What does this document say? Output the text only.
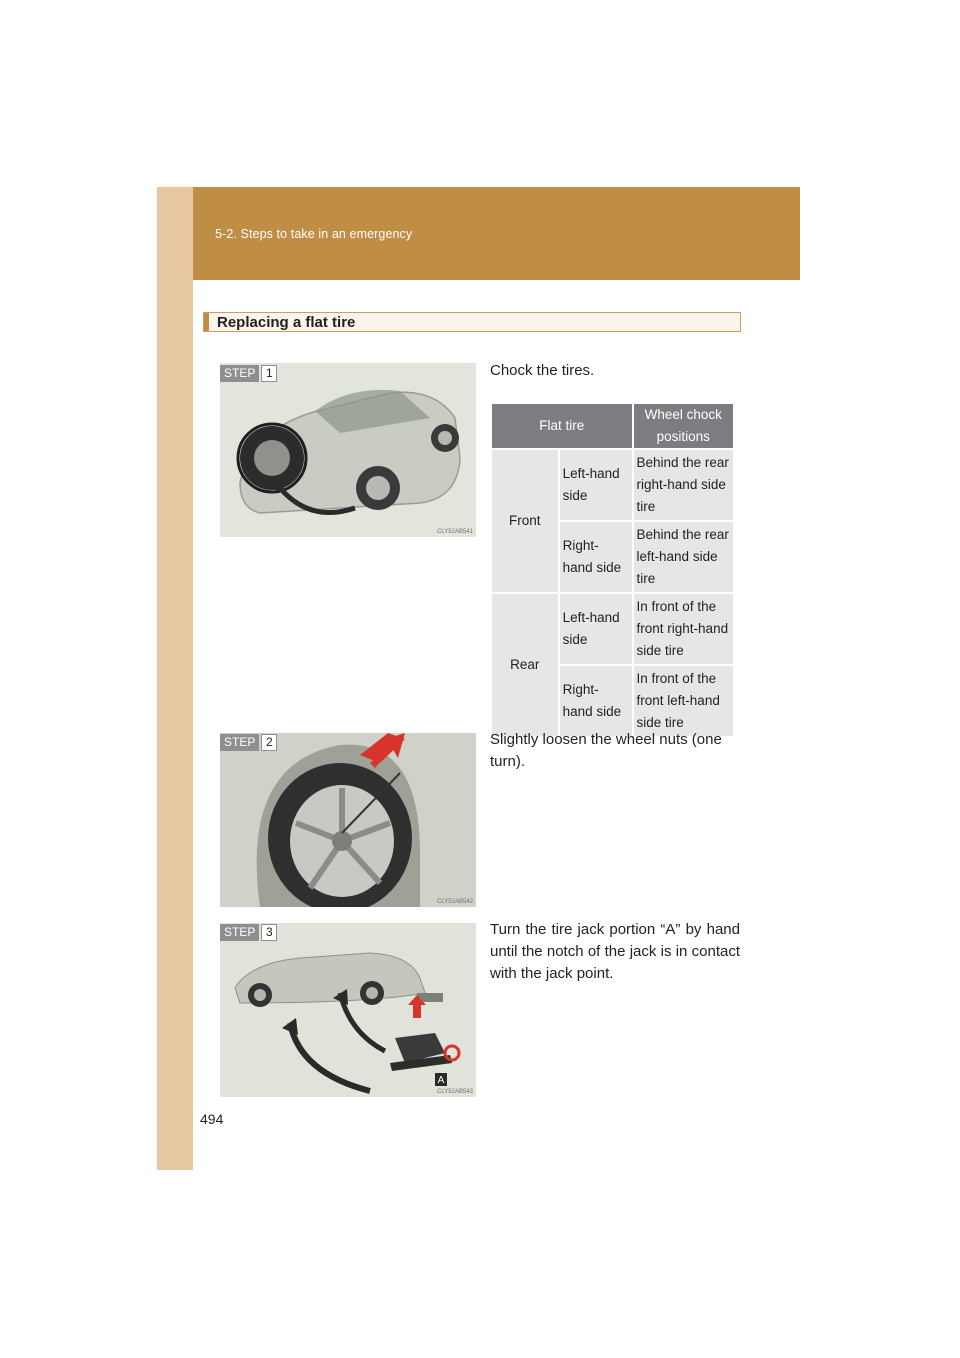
5-2. Steps to take in an emergency
Replacing a flat tire
CLY52AB541
STEP 1	Chock the tires.
Flat tire		Wheel chock positions
Front	Left-hand side	Behind the rear right-hand side tire
	Right-hand side	Behind the rear left-hand side tire
Rear	Left-hand side	In front of the front right-hand side tire
	Right-hand side	In front of the front left-hand side tire
CLY52AB542
STEP 2	Slightly loosen the wheel nuts (one turn).
A
CLY52AB543
STEP 3	Turn the tire jack portion “A” by hand until the notch of the jack is in contact with the jack point.
494
